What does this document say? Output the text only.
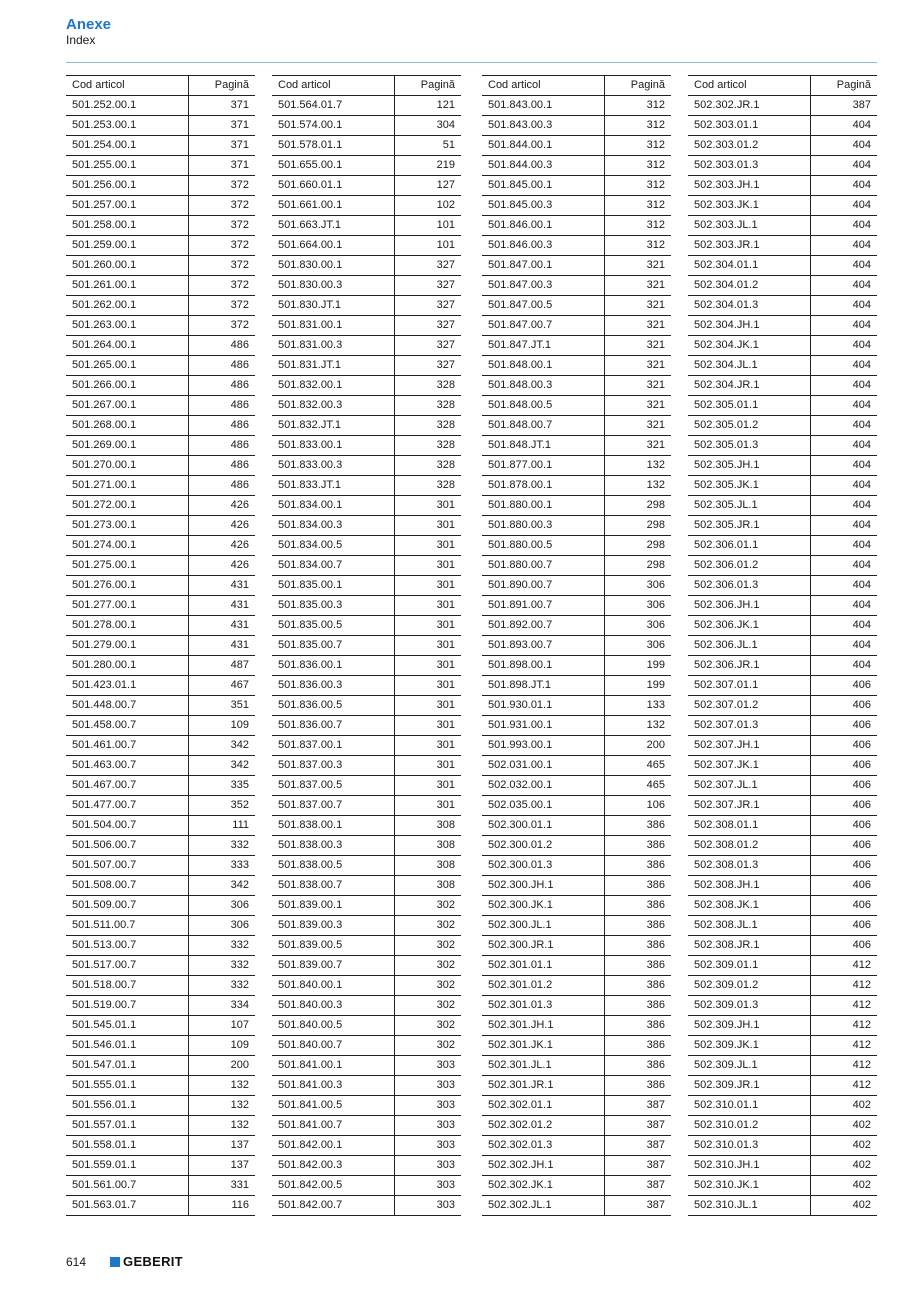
Anexe
Index
Cod articol	Pagină
501.252.00.1	371
501.253.00.1	371
501.254.00.1	371
501.255.00.1	371
501.256.00.1	372
501.257.00.1	372
501.258.00.1	372
501.259.00.1	372
501.260.00.1	372
501.261.00.1	372
501.262.00.1	372
501.263.00.1	372
501.264.00.1	486
501.265.00.1	486
501.266.00.1	486
501.267.00.1	486
501.268.00.1	486
501.269.00.1	486
501.270.00.1	486
501.271.00.1	486
501.272.00.1	426
501.273.00.1	426
501.274.00.1	426
501.275.00.1	426
501.276.00.1	431
501.277.00.1	431
501.278.00.1	431
501.279.00.1	431
501.280.00.1	487
501.423.01.1	467
501.448.00.7	351
501.458.00.7	109
501.461.00.7	342
501.463.00.7	342
501.467.00.7	335
501.477.00.7	352
501.504.00.7	111
501.506.00.7	332
501.507.00.7	333
501.508.00.7	342
501.509.00.7	306
501.511.00.7	306
501.513.00.7	332
501.517.00.7	332
501.518.00.7	332
501.519.00.7	334
501.545.01.1	107
501.546.01.1	109
501.547.01.1	200
501.555.01.1	132
501.556.01.1	132
501.557.01.1	132
501.558.01.1	137
501.559.01.1	137
501.561.00.7	331
501.563.01.7	116
Cod articol	Pagină
501.564.01.7	121
501.574.00.1	304
501.578.01.1	51
501.655.00.1	219
501.660.01.1	127
501.661.00.1	102
501.663.JT.1	101
501.664.00.1	101
501.830.00.1	327
501.830.00.3	327
501.830.JT.1	327
501.831.00.1	327
501.831.00.3	327
501.831.JT.1	327
501.832.00.1	328
501.832.00.3	328
501.832.JT.1	328
501.833.00.1	328
501.833.00.3	328
501.833.JT.1	328
501.834.00.1	301
501.834.00.3	301
501.834.00.5	301
501.834.00.7	301
501.835.00.1	301
501.835.00.3	301
501.835.00.5	301
501.835.00.7	301
501.836.00.1	301
501.836.00.3	301
501.836.00.5	301
501.836.00.7	301
501.837.00.1	301
501.837.00.3	301
501.837.00.5	301
501.837.00.7	301
501.838.00.1	308
501.838.00.3	308
501.838.00.5	308
501.838.00.7	308
501.839.00.1	302
501.839.00.3	302
501.839.00.5	302
501.839.00.7	302
501.840.00.1	302
501.840.00.3	302
501.840.00.5	302
501.840.00.7	302
501.841.00.1	303
501.841.00.3	303
501.841.00.5	303
501.841.00.7	303
501.842.00.1	303
501.842.00.3	303
501.842.00.5	303
501.842.00.7	303
Cod articol	Pagină
501.843.00.1	312
501.843.00.3	312
501.844.00.1	312
501.844.00.3	312
501.845.00.1	312
501.845.00.3	312
501.846.00.1	312
501.846.00.3	312
501.847.00.1	321
501.847.00.3	321
501.847.00.5	321
501.847.00.7	321
501.847.JT.1	321
501.848.00.1	321
501.848.00.3	321
501.848.00.5	321
501.848.00.7	321
501.848.JT.1	321
501.877.00.1	132
501.878.00.1	132
501.880.00.1	298
501.880.00.3	298
501.880.00.5	298
501.880.00.7	298
501.890.00.7	306
501.891.00.7	306
501.892.00.7	306
501.893.00.7	306
501.898.00.1	199
501.898.JT.1	199
501.930.01.1	133
501.931.00.1	132
501.993.00.1	200
502.031.00.1	465
502.032.00.1	465
502.035.00.1	106
502.300.01.1	386
502.300.01.2	386
502.300.01.3	386
502.300.JH.1	386
502.300.JK.1	386
502.300.JL.1	386
502.300.JR.1	386
502.301.01.1	386
502.301.01.2	386
502.301.01.3	386
502.301.JH.1	386
502.301.JK.1	386
502.301.JL.1	386
502.301.JR.1	386
502.302.01.1	387
502.302.01.2	387
502.302.01.3	387
502.302.JH.1	387
502.302.JK.1	387
502.302.JL.1	387
Cod articol	Pagină
502.302.JR.1	387
502.303.01.1	404
502.303.01.2	404
502.303.01.3	404
502.303.JH.1	404
502.303.JK.1	404
502.303.JL.1	404
502.303.JR.1	404
502.304.01.1	404
502.304.01.2	404
502.304.01.3	404
502.304.JH.1	404
502.304.JK.1	404
502.304.JL.1	404
502.304.JR.1	404
502.305.01.1	404
502.305.01.2	404
502.305.01.3	404
502.305.JH.1	404
502.305.JK.1	404
502.305.JL.1	404
502.305.JR.1	404
502.306.01.1	404
502.306.01.2	404
502.306.01.3	404
502.306.JH.1	404
502.306.JK.1	404
502.306.JL.1	404
502.306.JR.1	404
502.307.01.1	406
502.307.01.2	406
502.307.01.3	406
502.307.JH.1	406
502.307.JK.1	406
502.307.JL.1	406
502.307.JR.1	406
502.308.01.1	406
502.308.01.2	406
502.308.01.3	406
502.308.JH.1	406
502.308.JK.1	406
502.308.JL.1	406
502.308.JR.1	406
502.309.01.1	412
502.309.01.2	412
502.309.01.3	412
502.309.JH.1	412
502.309.JK.1	412
502.309.JL.1	412
502.309.JR.1	412
502.310.01.1	402
502.310.01.2	402
502.310.01.3	402
502.310.JH.1	402
502.310.JK.1	402
502.310.JL.1	402
614	GEBERIT
